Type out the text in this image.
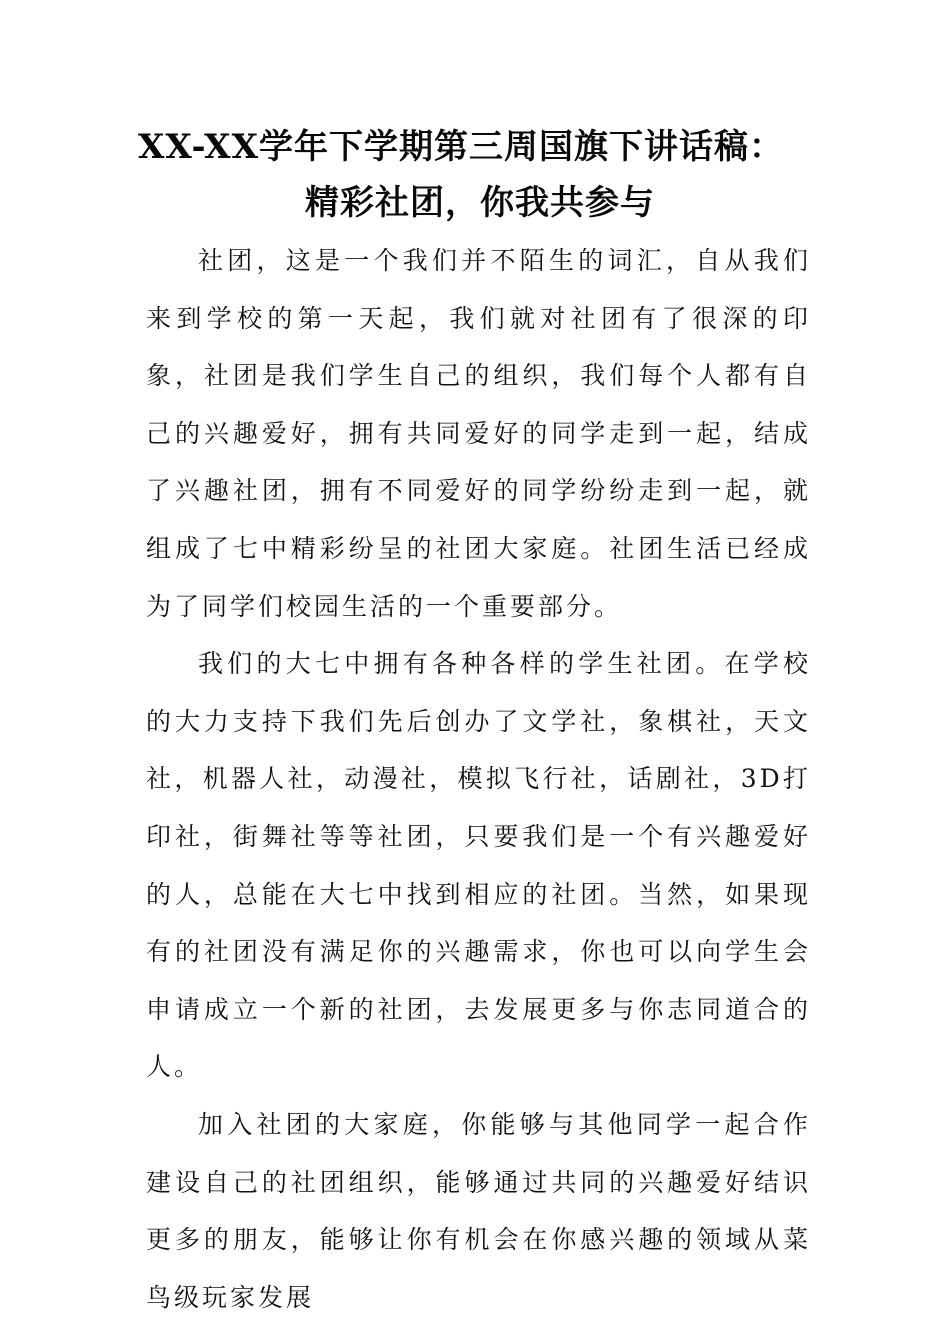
XX-XX学年下学期第三周国旗下讲话稿：
精彩社团，你我共参与

社团，这是一个我们并不陌生的词汇，自从我们来到学校的第一天起，我们就对社团有了很深的印象，社团是我们学生自己的组织，我们每个人都有自己的兴趣爱好，拥有共同爱好的同学走到一起，结成了兴趣社团，拥有不同爱好的同学纷纷走到一起，就组成了七中精彩纷呈的社团大家庭。社团生活已经成为了同学们校园生活的一个重要部分。

我们的大七中拥有各种各样的学生社团。在学校的大力支持下我们先后创办了文学社，象棋社，天文社，机器人社，动漫社，模拟飞行社，话剧社，3D打印社，街舞社等等社团，只要我们是一个有兴趣爱好的人，总能在大七中找到相应的社团。当然，如果现有的社团没有满足你的兴趣需求，你也可以向学生会申请成立一个新的社团，去发展更多与你志同道合的人。

加入社团的大家庭，你能够与其他同学一起合作建设自己的社团组织，能够通过共同的兴趣爱好结识更多的朋友，能够让你有机会在你感兴趣的领域从菜鸟级玩家发展
